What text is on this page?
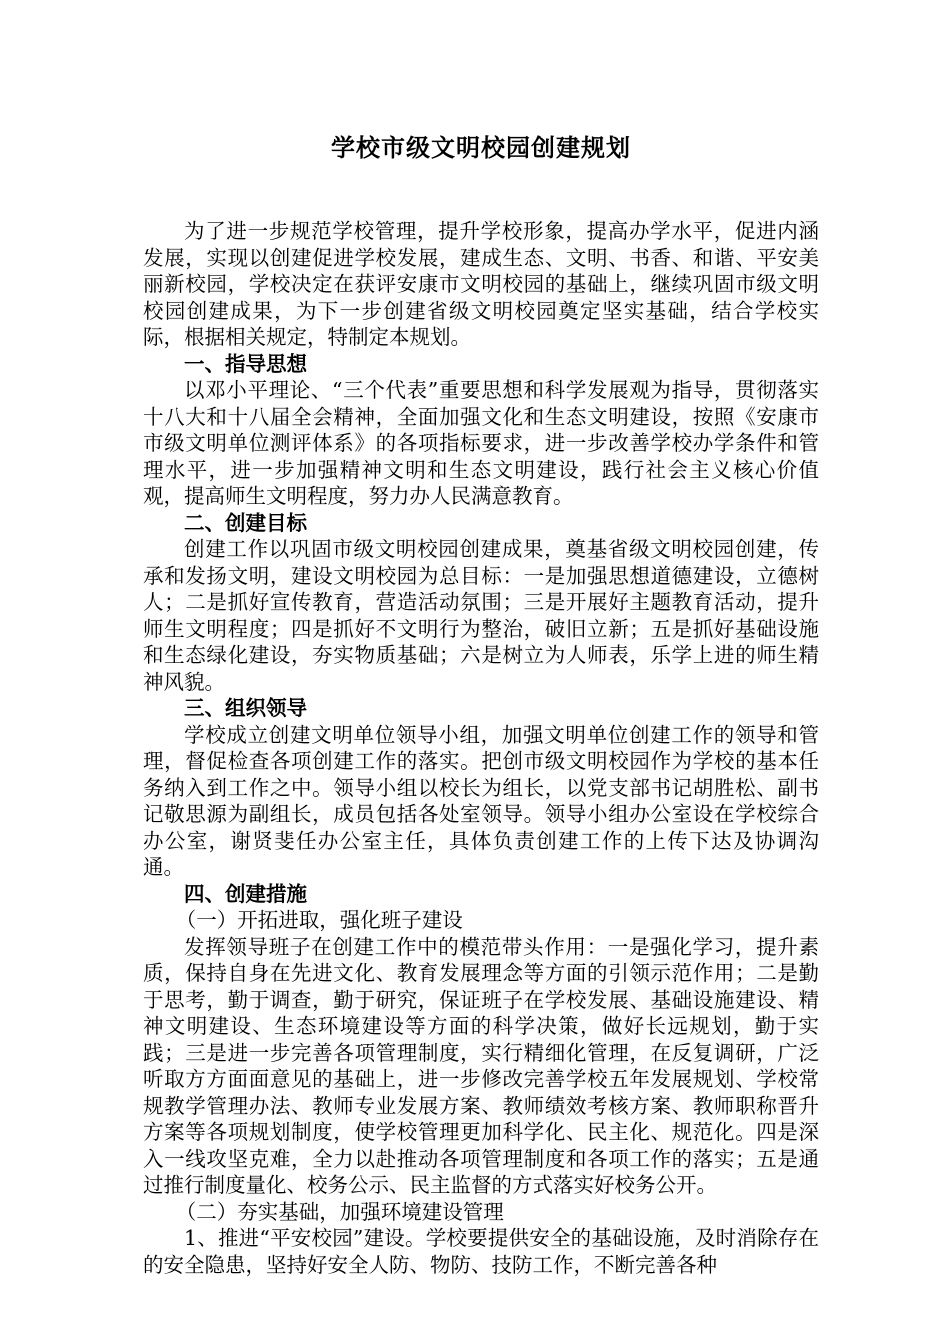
学校市级文明校园创建规划

为了进一步规范学校管理，提升学校形象，提高办学水平，促进内涵发展，实现以创建促进学校发展，建成生态、文明、书香、和谐、平安美丽新校园，学校决定在获评安康市文明校园的基础上，继续巩固市级文明校园创建成果，为下一步创建省级文明校园奠定坚实基础，结合学校实际，根据相关规定，特制定本规划。

一、指导思想

以邓小平理论、“三个代表”重要思想和科学发展观为指导，贯彻落实十八大和十八届全会精神，全面加强文化和生态文明建设，按照《安康市市级文明单位测评体系》的各项指标要求，进一步改善学校办学条件和管理水平，进一步加强精神文明和生态文明建设，践行社会主义核心价值观，提高师生文明程度，努力办人民满意教育。

二、创建目标

创建工作以巩固市级文明校园创建成果，奠基省级文明校园创建，传承和发扬文明，建设文明校园为总目标：一是加强思想道德建设，立德树人；二是抓好宣传教育，营造活动氛围；三是开展好主题教育活动，提升师生文明程度；四是抓好不文明行为整治，破旧立新；五是抓好基础设施和生态绿化建设，夯实物质基础；六是树立为人师表，乐学上进的师生精神风貌。

三、组织领导

学校成立创建文明单位领导小组，加强文明单位创建工作的领导和管理，督促检查各项创建工作的落实。把创市级文明校园作为学校的基本任务纳入到工作之中。领导小组以校长为组长，以党支部书记胡胜松、副书记敬思源为副组长，成员包括各处室领导。领导小组办公室设在学校综合办公室，谢贤斐任办公室主任，具体负责创建工作的上传下达及协调沟通。

四、创建措施

（一）开拓进取，强化班子建设

发挥领导班子在创建工作中的模范带头作用：一是强化学习，提升素质，保持自身在先进文化、教育发展理念等方面的引领示范作用；二是勤于思考，勤于调查，勤于研究，保证班子在学校发展、基础设施建设、精神文明建设、生态环境建设等方面的科学决策，做好长远规划，勤于实践；三是进一步完善各项管理制度，实行精细化管理，在反复调研，广泛听取方方面面意见的基础上，进一步修改完善学校五年发展规划、学校常规教学管理办法、教师专业发展方案、教师绩效考核方案、教师职称晋升方案等各项规划制度，使学校管理更加科学化、民主化、规范化。四是深入一线攻坚克难，全力以赴推动各项管理制度和各项工作的落实；五是通过推行制度量化、校务公示、民主监督的方式落实好校务公开。

（二）夯实基础，加强环境建设管理

1、推进“平安校园”建设。学校要提供安全的基础设施，及时消除存在的安全隐患，坚持好安全人防、物防、技防工作，不断完善各种
